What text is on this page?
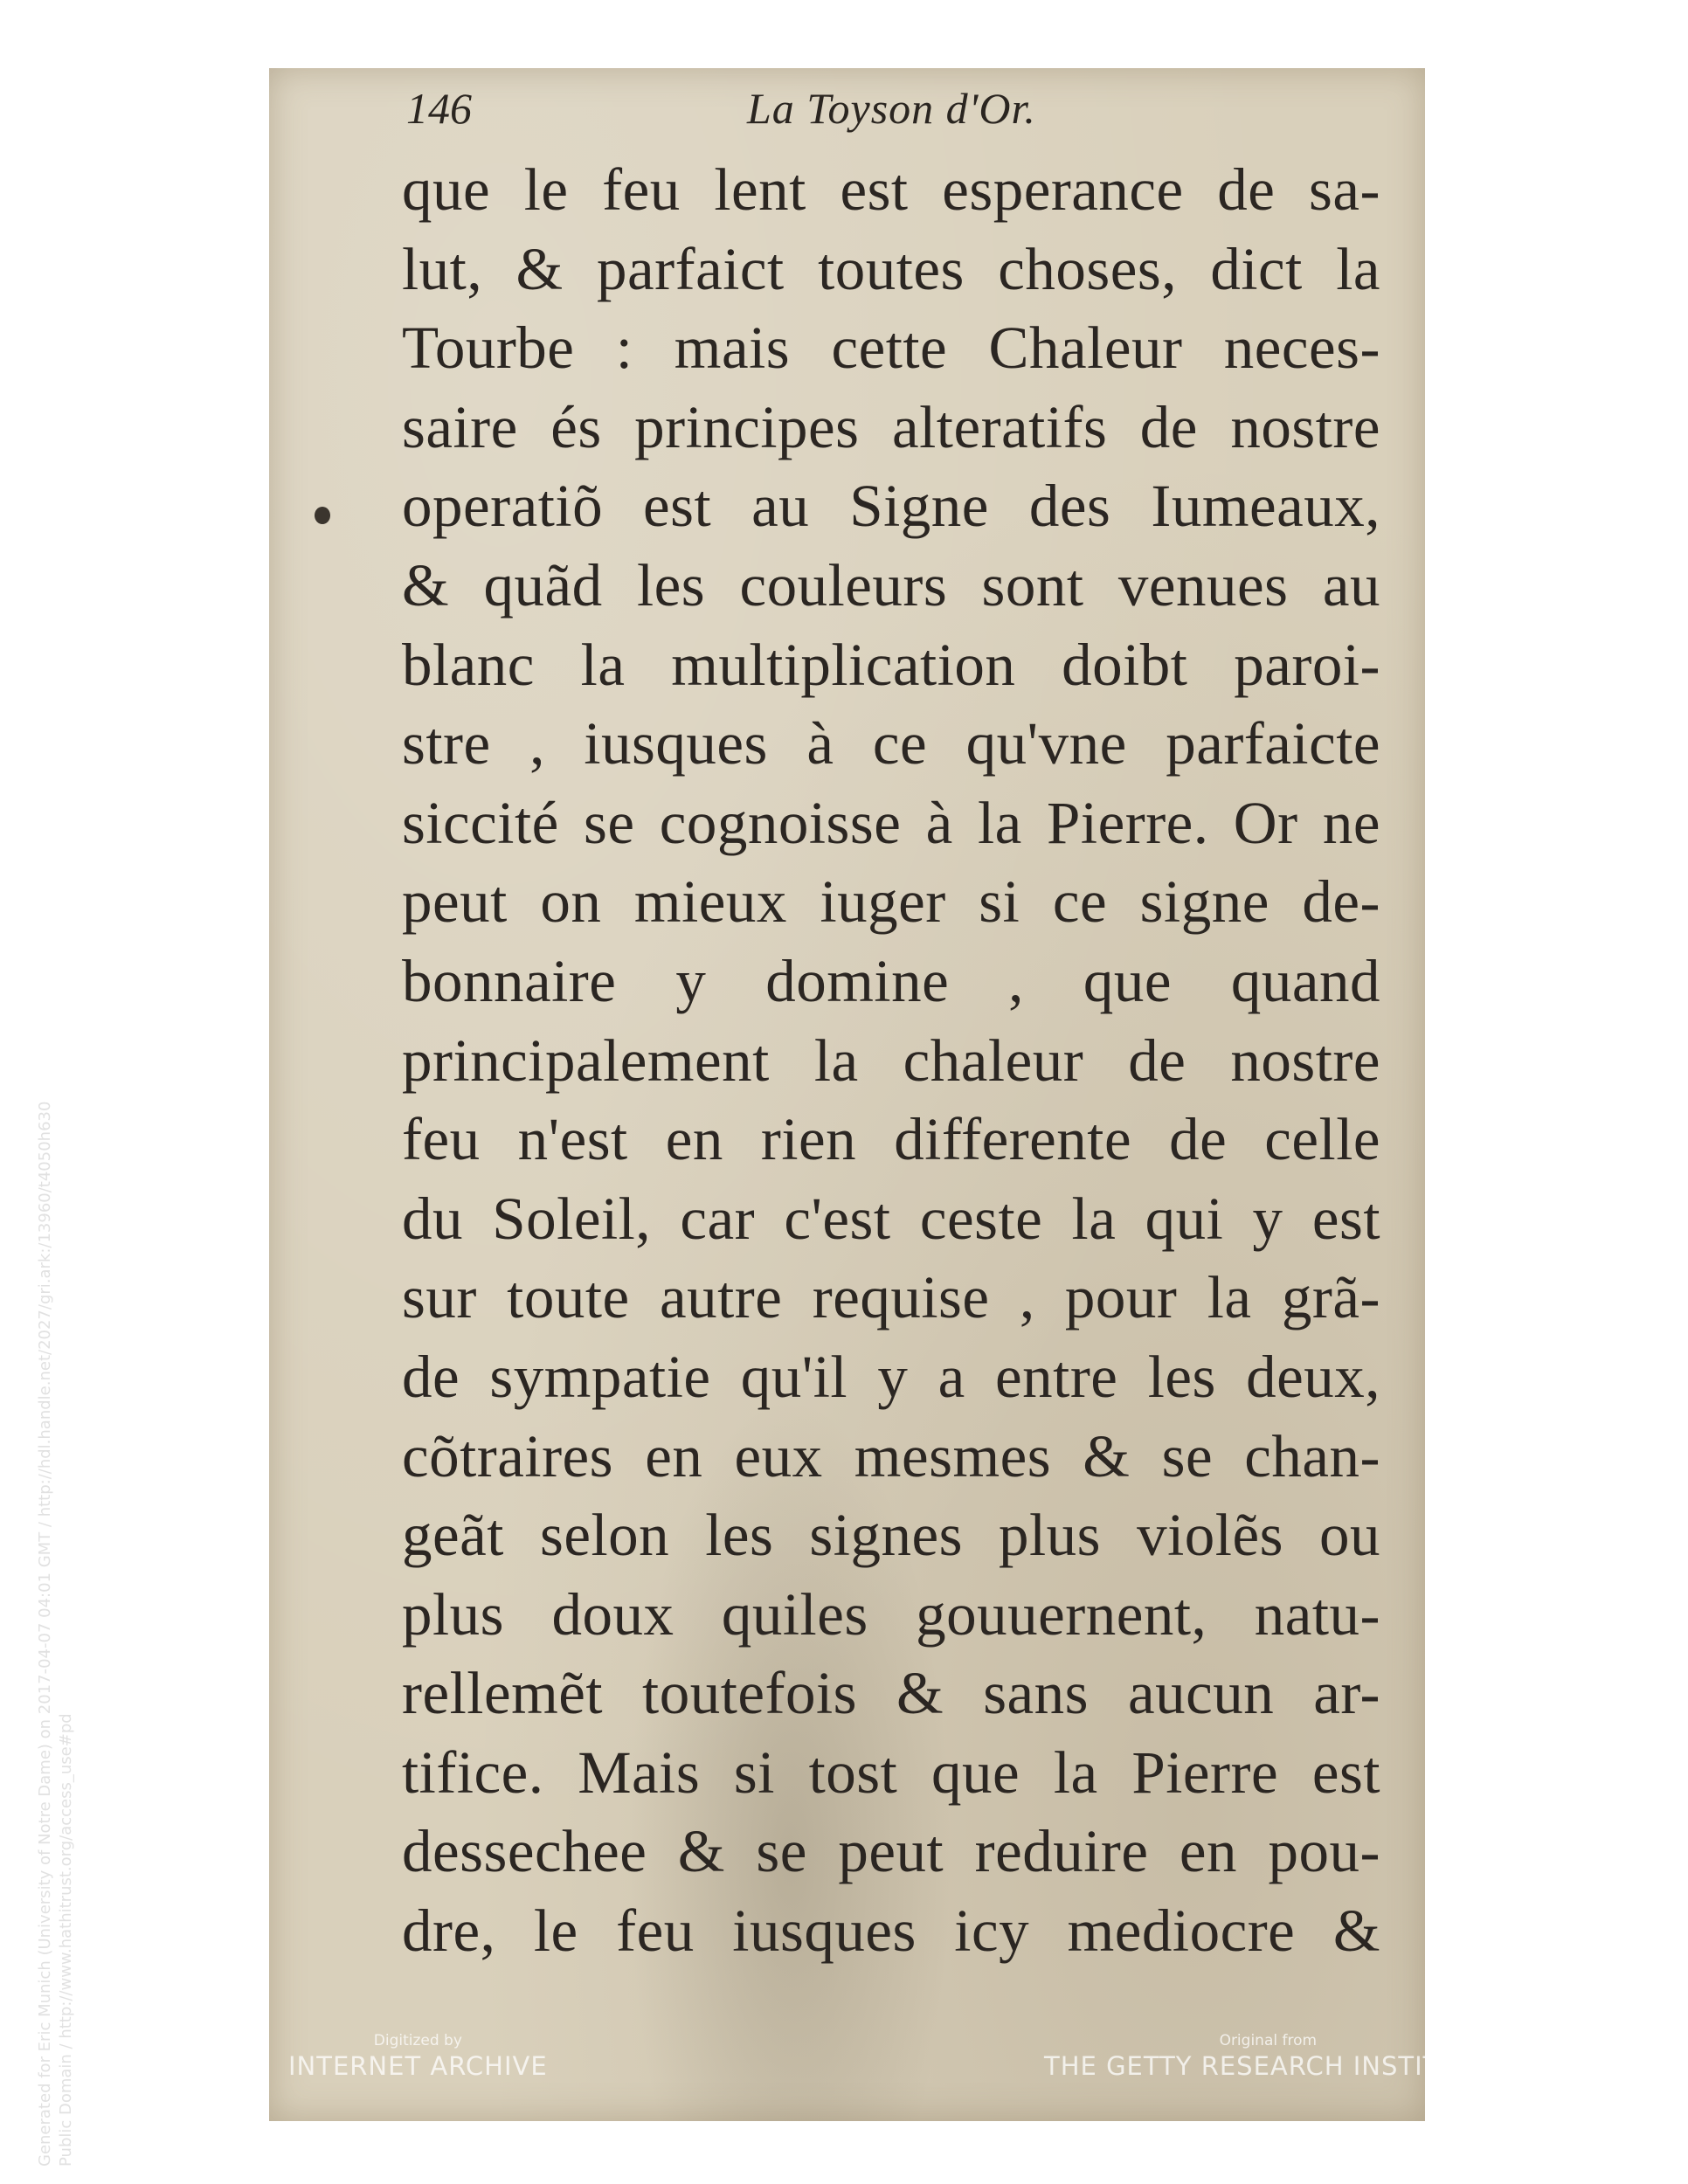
146	La Toyson d'Or.
que le feu lent est esperance de sa-
lut, & parfaict toutes choses, dict la
Tourbe : mais cette Chaleur neces-
saire és principes alteratifs de nostre
operatiõ est au Signe des Iumeaux,
& quãd les couleurs sont venues au
blanc la multiplication doibt paroi-
stre , iusques à ce qu'vne parfaicte
siccité se cognoisse à la Pierre. Or ne
peut on mieux iuger si ce signe de-
bonnaire y domine , que quand
principalement la chaleur de nostre
feu n'est en rien differente de celle
du Soleil, car c'est ceste la qui y est
sur toute autre requise , pour la grã-
de sympatie qu'il y a entre les deux,
cõtraires en eux mesmes & se chan-
geãt selon les signes plus violẽs ou
plus doux quiles gouuernent, natu-
rellemẽt toutefois & sans aucun ar-
tifice. Mais si tost que la Pierre est
dessechee & se peut reduire en pou-
dre, le feu iusques icy mediocre &
Generated for Eric Munich (University of Notre Dame) on 2017-04-07 04:01 GMT / http://hdl.handle.net/2027/gri.ark:/13960/t4050h630 Public Domain / http://www.hathitrust.org/access_use#pd	Digitized by
INTERNET ARCHIVE
Original from
THE GETTY RESEARCH INSTITUTE
